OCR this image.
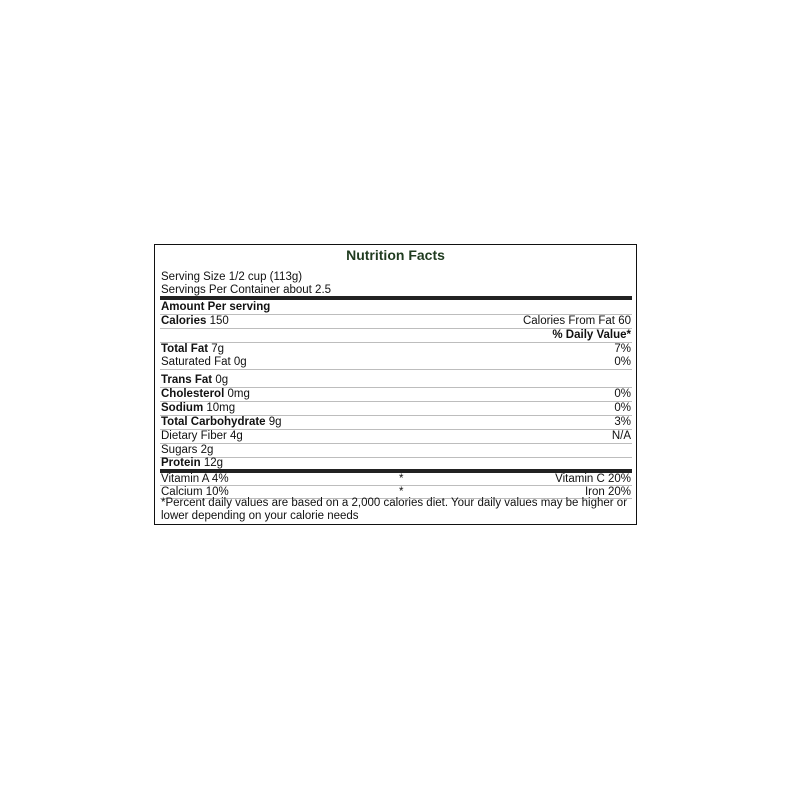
Nutrition Facts
Serving Size 1/2 cup (113g)
Servings Per Container about 2.5
Amount Per serving
Calories 150	Calories From Fat 60
% Daily Value*
Total Fat 7g	7%
Saturated Fat 0g	0%
Trans Fat 0g
Cholesterol 0mg	0%
Sodium 10mg	0%
Total Carbohydrate 9g	3%
Dietary Fiber 4g	N/A
Sugars 2g
Protein 12g
Vitamin A 4%	*	Vitamin C 20%
Calcium 10%	*	Iron 20%
*Percent daily values are based on a 2,000 calories diet. Your daily values may be higher or
lower depending on your calorie needs
